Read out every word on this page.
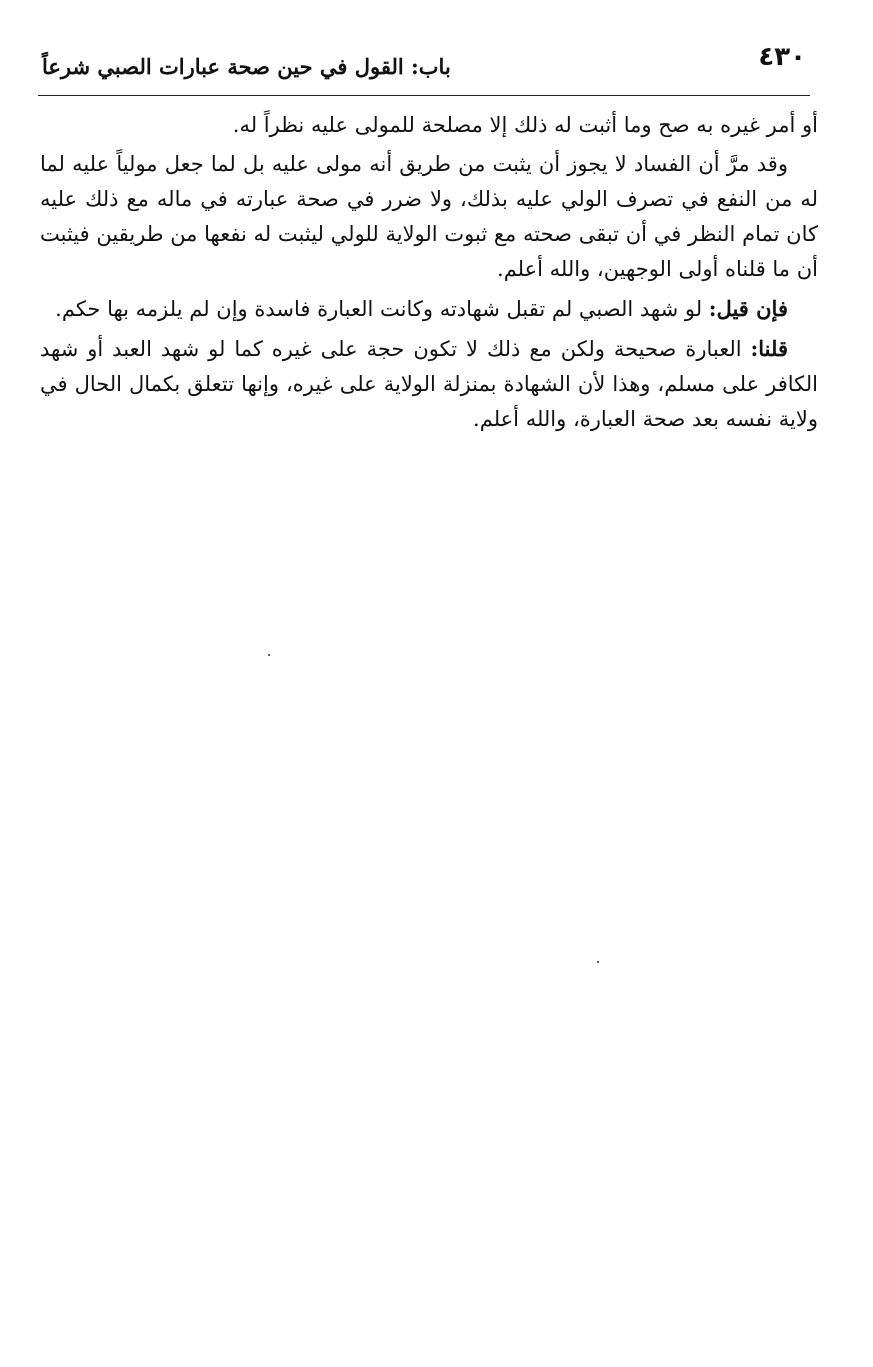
٤٣٠
باب: القول في حين صحة عبارات الصبي شرعاً

أو أمر غيره به صح وما أثبت له ذلك إلا مصلحة للمولى عليه نظراً له.

وقد مرَّ أن الفساد لا يجوز أن يثبت من طريق أنه مولى عليه بل لما جعل مولياً عليه لما له من النفع في تصرف الولي عليه بذلك، ولا ضرر في صحة عبارته في ماله مع ذلك عليه كان تمام النظر في أن تبقى صحته مع ثبوت الولاية للولي ليثبت له نفعها من طريقين فيثبت أن ما قلناه أولى الوجهين، والله أعلم.

فإن قيل: لو شهد الصبي لم تقبل شهادته وكانت العبارة فاسدة وإن لم يلزمه بها حكم.

قلنا: العبارة صحيحة ولكن مع ذلك لا تكون حجة على غيره كما لو شهد العبد أو شهد الكافر على مسلم، وهذا لأن الشهادة بمنزلة الولاية على غيره، وإنها تتعلق بكمال الحال في ولاية نفسه بعد صحة العبارة، والله أعلم.
